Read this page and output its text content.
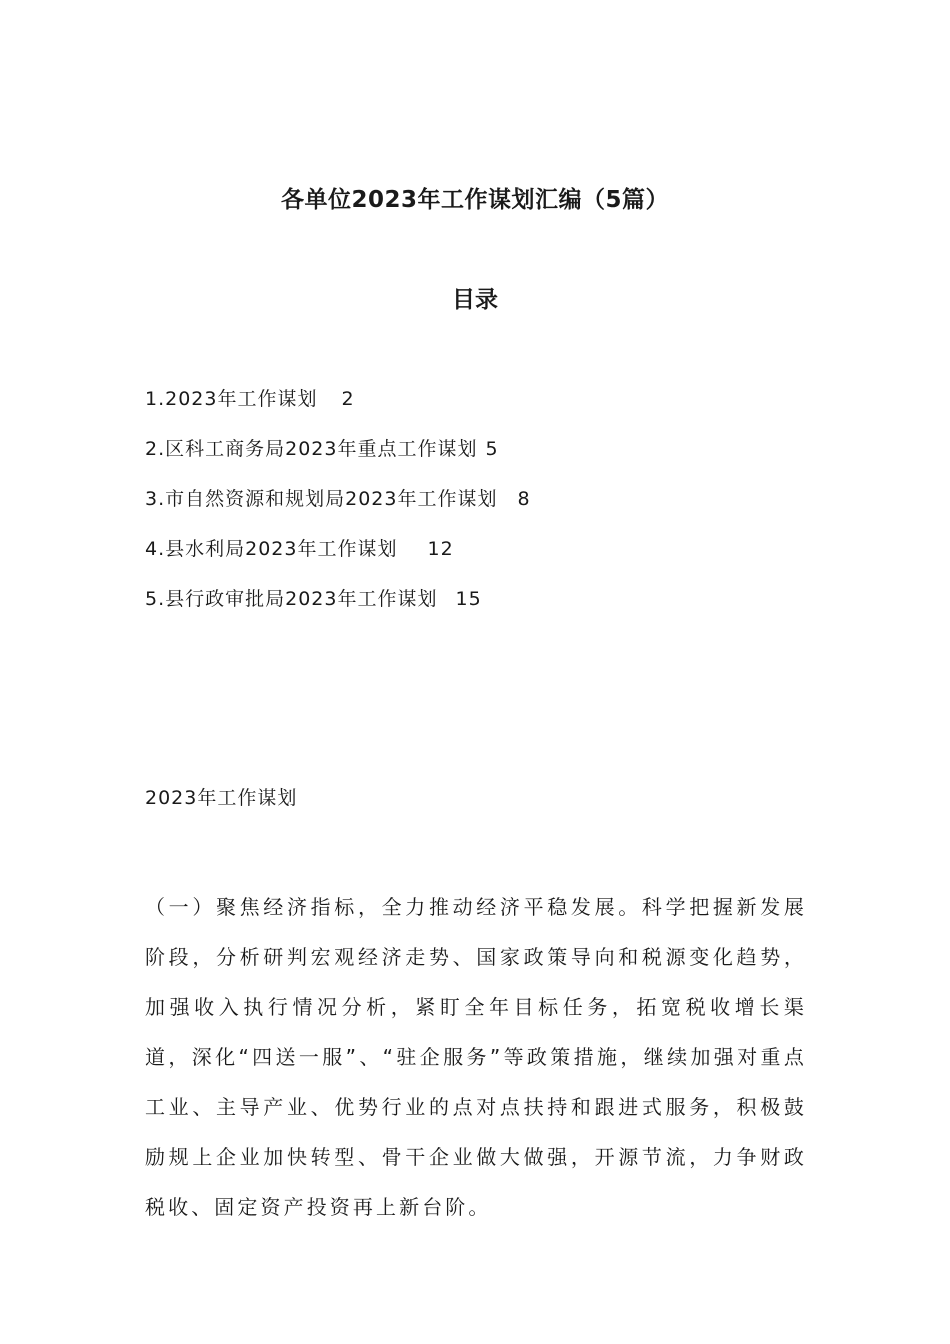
各单位2023年工作谋划汇编（5篇）
目录
1.2023年工作谋划 2
2.区科工商务局2023年重点工作谋划 5
3.市自然资源和规划局2023年工作谋划 8
4.县水利局2023年工作谋划 12
5.县行政审批局2023年工作谋划 15
2023年工作谋划

（一）聚焦经济指标，全力推动经济平稳发展。科学把握新发展阶段，分析研判宏观经济走势、国家政策导向和税源变化趋势，加强收入执行情况分析，紧盯全年目标任务，拓宽税收增长渠道，深化“四送一服”、“驻企服务”等政策措施，继续加强对重点工业、主导产业、优势行业的点对点扶持和跟进式服务，积极鼓励规上企业加快转型、骨干企业做大做强，开源节流，力争财政税收、固定资产投资再上新台阶。
